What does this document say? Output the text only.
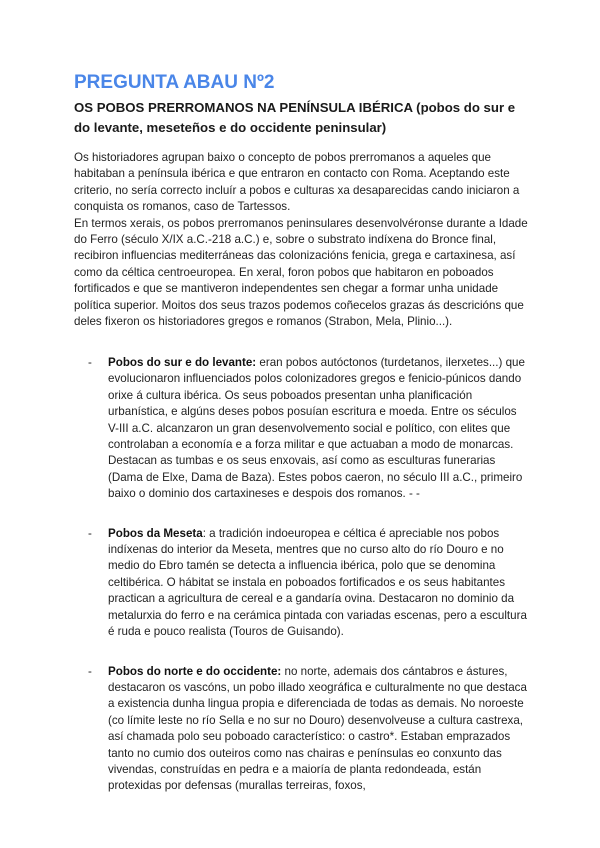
PREGUNTA ABAU Nº2
OS POBOS PRERROMANOS NA PENÍNSULA IBÉRICA (pobos do sur e do levante, meseteños e do occidente peninsular)

Os historiadores agrupan baixo o concepto de pobos prerromanos a aqueles que habitaban a península ibérica e que entraron en contacto con Roma. Aceptando este criterio, no sería correcto incluír a pobos e culturas xa desaparecidas cando iniciaron a conquista os romanos, caso de Tartessos.

En termos xerais, os pobos prerromanos peninsulares desenvolvéronse durante a Idade do Ferro (século X/IX a.C.-218 a.C.) e, sobre o substrato indíxena do Bronce final, recibiron influencias mediterráneas das colonizacións fenicia, grega e cartaxinesa, así como da céltica centroeuropea. En xeral, foron pobos que habitaron en poboados fortificados e que se mantiveron independentes sen chegar a formar unha unidade política superior. Moitos dos seus trazos podemos coñecelos grazas ás descricións que deles fixeron os historiadores gregos e romanos (Strabon, Mela, Plinio...).

- Pobos do sur e do levante: eran pobos autóctonos (turdetanos, ilerxetes...) que evolucionaron influenciados polos colonizadores gregos e fenicio-púnicos dando orixe á cultura ibérica. Os seus poboados presentan unha planificación urbanística, e algúns deses pobos posuían escritura e moeda. Entre os séculos V-III a.C. alcanzaron un gran desenvolvemento social e político, con elites que controlaban a economía e a forza militar e que actuaban a modo de monarcas. Destacan as tumbas e os seus enxovais, así como as esculturas funerarias (Dama de Elxe, Dama de Baza). Estes pobos caeron, no século III a.C., primeiro baixo o dominio dos cartaxineses e despois dos romanos. - -
- Pobos da Meseta: a tradición indoeuropea e céltica é apreciable nos pobos indíxenas do interior da Meseta, mentres que no curso alto do río Douro e no medio do Ebro tamén se detecta a influencia ibérica, polo que se denomina celtibérica. O hábitat se instala en poboados fortificados e os seus habitantes practican a agricultura de cereal e a gandaría ovina. Destacaron no dominio da metalurxia do ferro e na cerámica pintada con variadas escenas, pero a escultura é ruda e pouco realista (Touros de Guisando).
- Pobos do norte e do occidente: no norte, ademais dos cántabros e ástures, destacaron os vascóns, un pobo illado xeográfica e culturalmente no que destaca a existencia dunha lingua propia e diferenciada de todas as demais. No noroeste (co límite leste no río Sella e no sur no Douro) desenvolveuse a cultura castrexa, así chamada polo seu poboado característico: o castro*. Estaban emprazados tanto no cumio dos outeiros como nas chairas e penínsulas eo conxunto das vivendas, construídas en pedra e a maioría de planta redondeada, están protexidas por defensas (murallas terreiras, foxos,
